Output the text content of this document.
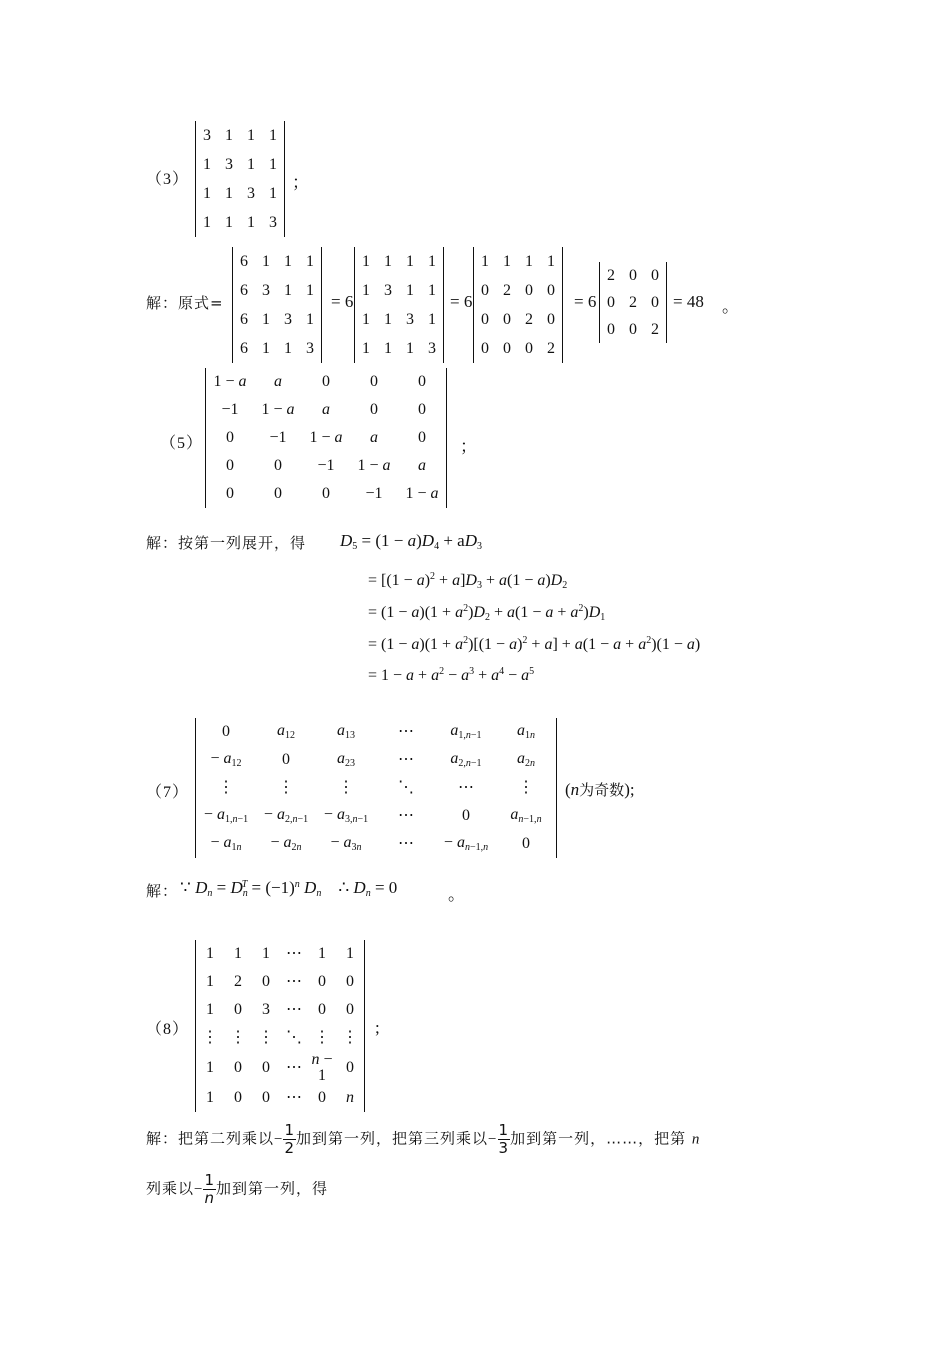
（3）
3	1	1	1
1	3	1	1
1	1	3	1
1	1	1	3
；
解：原式=
6	1	1	1
6	3	1	1
6	1	3	1
6	1	1	3
= 6
1	1	1	1
1	3	1	1
1	1	3	1
1	1	1	3
= 6
1	1	1	1
0	2	0	0
0	0	2	0
0	0	0	2
= 6
2	0	0
0	2	0
0	0	2
= 48 。
（5）
1 − a	a	0	0	0
−1	1 − a	a	0	0
0	−1	1 − a	a	0
0	0	−1	1 − a	a
0	0	0	−1	1 − a
；
解：按第一列展开，得 $D_5 = (1 - a)D_4 + aD_3$
= $[(1 - a)^2 + a]D_3 + a(1 - a)D_2$
= $(1 - a)(1 + a^2)D_2 + a(1 - a + a^2)D_1$
= $(1 - a)(1 + a^2)[(1 - a)^2 + a] + a(1 - a + a^2)(1 - a)$
= $1 - a + a^2 - a^3 + a^4 - a^5$
（7）
0	$a_{12}$	$a_{13}$	⋯	$a_{1,n-1}$	$a_{1n}$
− $a_{12}$	0	$a_{23}$	⋯	$a_{2,n-1}$	$a_{2n}$
⋮	⋮	⋮	⋱	⋯	⋮
− $a_{1,n-1}$	− $a_{2,n-1}$	− $a_{3,n-1}$	⋯	0	$a_{n-1,n}$
− $a_{1n}$	− $a_{2n}$	− $a_{3n}$	⋯	− $a_{n-1,n}$	0
(n为奇数);
解： ∵ $D_n = D_n^T = (-1)^n$ $D_n$    ∴ $D_n = 0$	。
（8）
1	1	1	⋯	1	1
1	2	0	⋯	0	0
1	0	3	⋯	0	0
⋮	⋮	⋮	⋱	⋮	⋮
1	0	0	⋯	n − 1	0
1	0	0	⋯	0	n
;
解：把第二列乘以− $\frac{1}{2}$ 加到第一列，把第三列乘以− $\frac{1}{3}$ 加到第一列，……，把第 n
列乘以− $\frac{1}{n}$ 加到第一列，得
